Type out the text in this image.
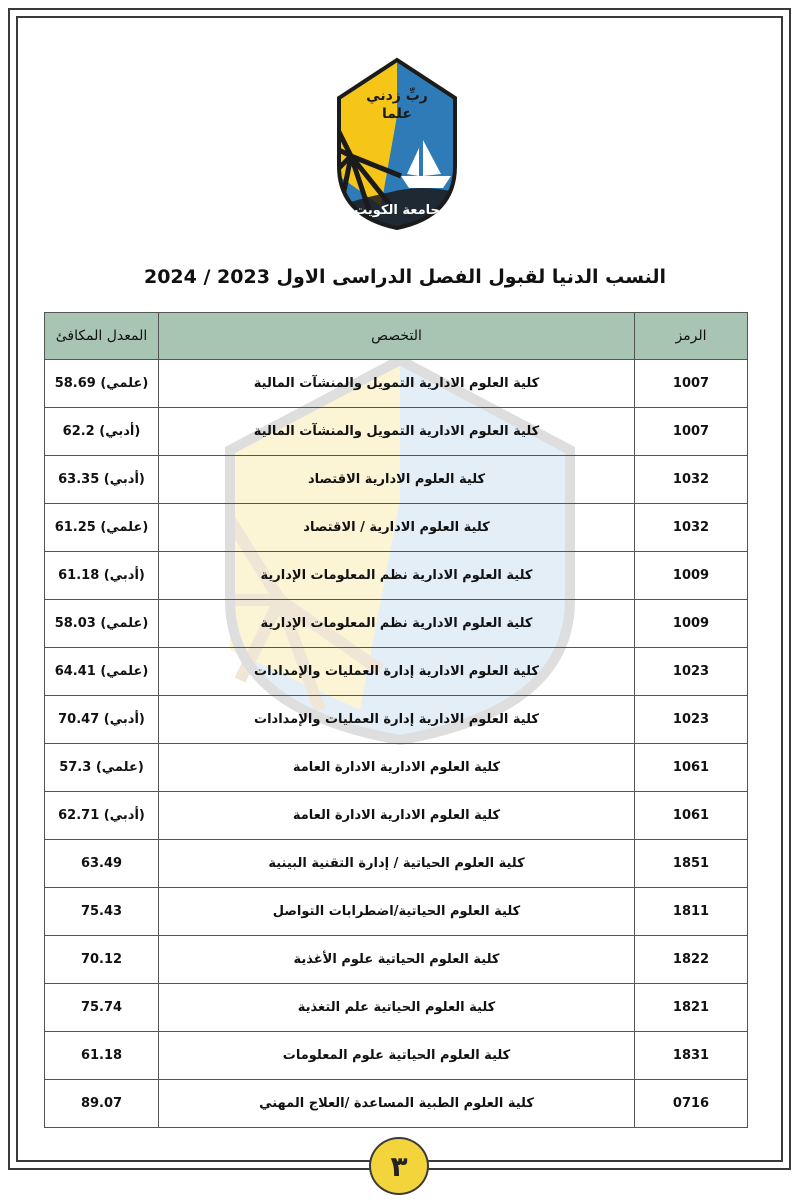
ربِّ زدني
علما
جامعة الكويت
النسب الدنيا لقبول الفصل الدراسى الاول 2023 / 2024
الرمز	التخصص	المعدل المكافئ
1007	كلية العلوم الادارية التمويل والمنشآت المالية	58.69 (علمي)
1007	كلية العلوم الادارية التمويل والمنشآت المالية	62.2 (أدبي)
1032	كلية العلوم الادارية الاقتصاد	63.35 (أدبي)
1032	كلية العلوم الادارية / الاقتصاد	61.25 (علمي)
1009	كلية العلوم الادارية نظم المعلومات الإدارية	61.18 (أدبي)
1009	كلية العلوم الادارية نظم المعلومات الإدارية	58.03 (علمي)
1023	كلية العلوم الادارية إدارة العمليات والإمدادات	64.41 (علمي)
1023	كلية العلوم الادارية إدارة العمليات والإمدادات	70.47 (أدبي)
1061	كلية العلوم الادارية الادارة العامة	57.3 (علمي)
1061	كلية العلوم الادارية الادارة العامة	62.71 (أدبي)
1851	كلية العلوم الحياتية / إدارة التقنية البينية	63.49
1811	كلية العلوم الحياتية/اضطرابات التواصل	75.43
1822	كلية العلوم الحياتية علوم الأغذية	70.12
1821	كلية العلوم الحياتية علم التغذية	75.74
1831	كلية العلوم الحياتية علوم المعلومات	61.18
0716	كلية العلوم الطبية المساعدة /العلاج المهني	89.07
٣
